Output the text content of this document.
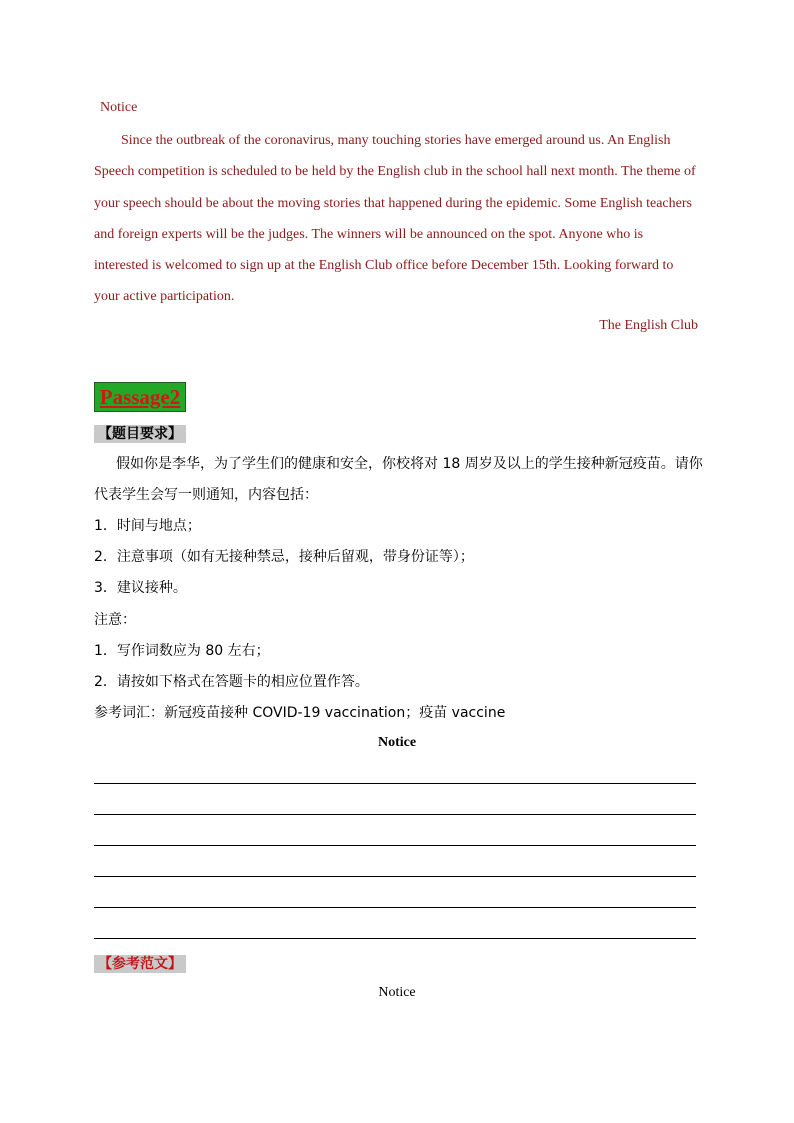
Notice
Since the outbreak of the coronavirus, many touching stories have emerged around us. An English
Speech competition is scheduled to be held by the English club in the school hall next month. The theme of
your speech should be about the moving stories that happened during the epidemic. Some English teachers
and foreign experts will be the judges. The winners will be announced on the spot. Anyone who is
interested is welcomed to sign up at the English Club office before December 15th. Looking forward to
your active participation.
The English Club
Passage2
【题目要求】
假如你是李华，为了学生们的健康和安全，你校将对 18 周岁及以上的学生接种新冠疫苗。请你
代表学生会写一则通知，内容包括：
1．时间与地点；
2．注意事项（如有无接种禁忌，接种后留观，带身份证等）；
3．建议接种。
注意：
1．写作词数应为 80 左右；
2．请按如下格式在答题卡的相应位置作答。
参考词汇：新冠疫苗接种 COVID-19 vaccination；疫苗 vaccine
Notice
【参考范文】
Notice
